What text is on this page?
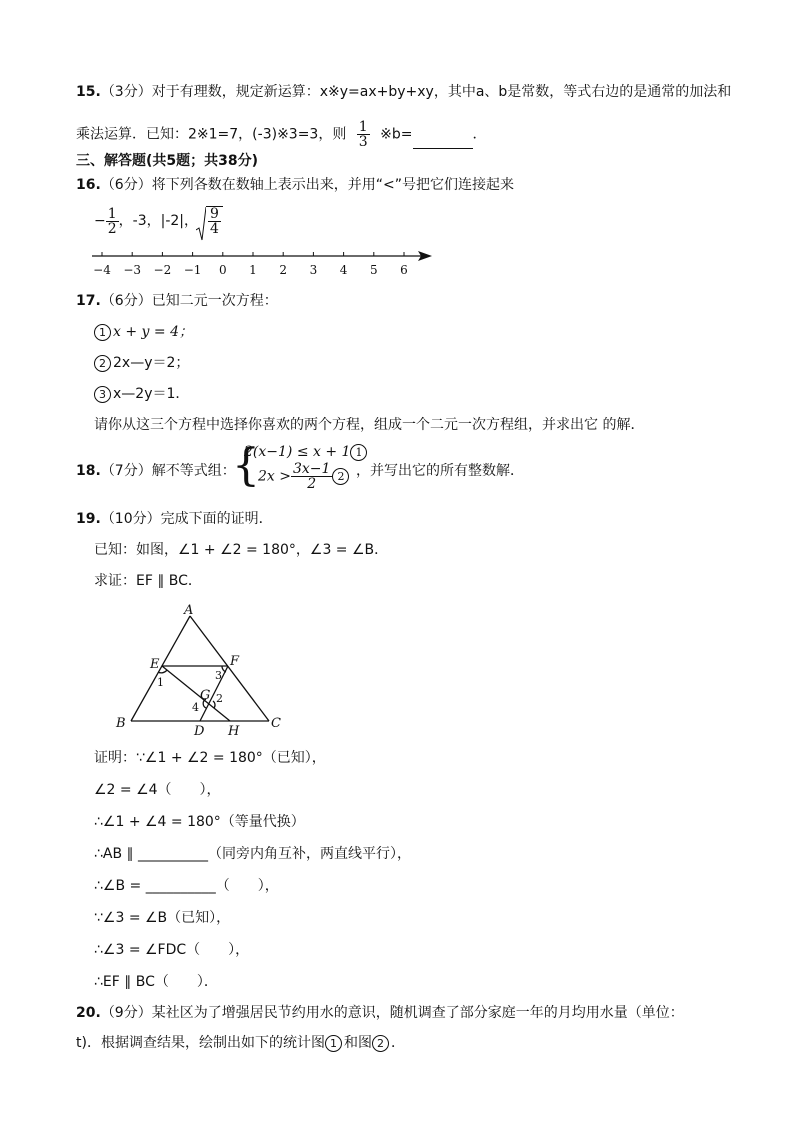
15.（3分）对于有理数，规定新运算：x※y=ax+by+xy，其中a、b是常数，等式右边的是通常的加法和
乘法运算．已知：2※1=7，(-3)※3=3，则 $\frac{1}{3}$ ※b=	．
三、解答题(共5题；共38分)
16.（6分）将下列各数在数轴上表示出来，并用“<”号把它们连接起来
− $\frac{1}{2}$ ，-3，|-2|， $\frac{9}{4}$
−4 −3 −2 −1 0 1 2 3 4 5 6
17.（6分）已知二元一次方程：
1 x + y = 4；
2 2x—y＝2；
3 x—2y＝1．
请你从这三个方程中选择你喜欢的两个方程，组成一个二元一次方程组，并求出它 的解．
18.（7分）解不等式组：
{
2(x−1) ≤ x + 1 1
$2x > \frac{3x-1}{2} 2$ ，并写出它的所有整数解．
19.（10分）完成下面的证明．
已知：如图，∠1 + ∠2 = 180°，∠3 = ∠B．
求证：EF ∥ BC．
A
B	C
D
E	F
G
H
1
2
3
4
证明：∵∠1 + ∠2 = 180°（已知），
∠2 = ∠4（　　），
∴∠1 + ∠4 = 180°（等量代换）
∴AB ∥ __________（同旁内角互补，两直线平行），
∴∠B = __________（　　），
∵∠3 = ∠B（已知），
∴∠3 = ∠FDC（　　），
∴EF ∥ BC（　　）．
20.（9分）某社区为了增强居民节约用水的意识，随机调查了部分家庭一年的月均用水量（单位：
t)．根据调查结果，绘制出如下的统计图 1 和图 2 ．
